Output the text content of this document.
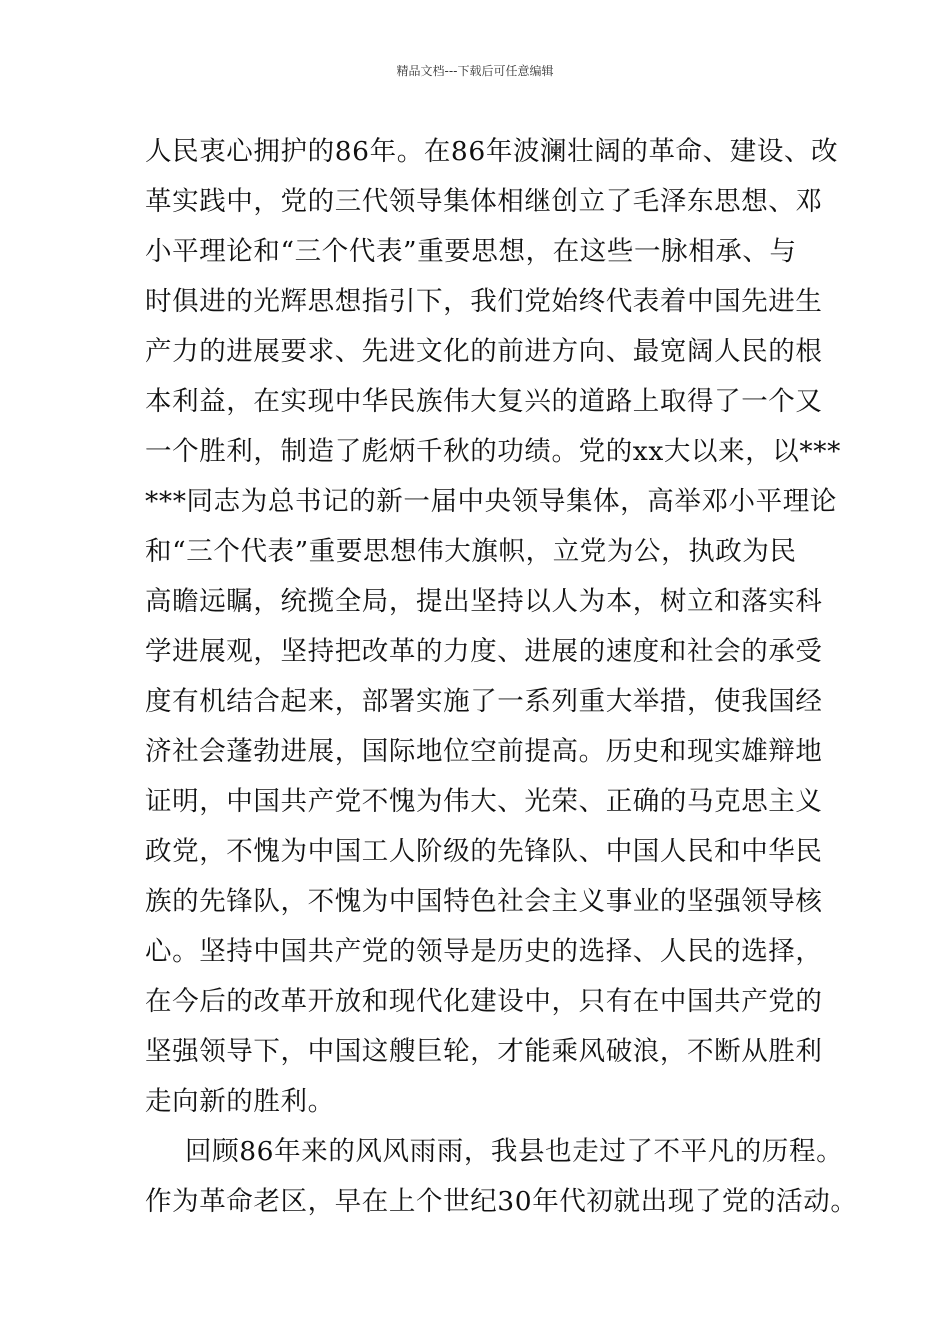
精品文档---下载后可任意编辑
人民衷心拥护的86年。在86年波澜壮阔的革命、建设、改
革实践中，党的三代领导集体相继创立了毛泽东思想、邓
小平理论和“三个代表”重要思想，在这些一脉相承、与
时俱进的光辉思想指引下，我们党始终代表着中国先进生
产力的进展要求、先进文化的前进方向、最宽阔人民的根
本利益，在实现中华民族伟大复兴的道路上取得了一个又
一个胜利，制造了彪炳千秋的功绩。党的xx大以来，以***
***同志为总书记的新一届中央领导集体，高举邓小平理论
和“三个代表”重要思想伟大旗帜，立党为公，执政为民
高瞻远瞩，统揽全局，提出坚持以人为本，树立和落实科
学进展观，坚持把改革的力度、进展的速度和社会的承受
度有机结合起来，部署实施了一系列重大举措，使我国经
济社会蓬勃进展，国际地位空前提高。历史和现实雄辩地
证明，中国共产党不愧为伟大、光荣、正确的马克思主义
政党，不愧为中国工人阶级的先锋队、中国人民和中华民
族的先锋队，不愧为中国特色社会主义事业的坚强领导核
心。坚持中国共产党的领导是历史的选择、人民的选择，
在今后的改革开放和现代化建设中，只有在中国共产党的
坚强领导下，中国这艘巨轮，才能乘风破浪，不断从胜利
走向新的胜利。
回顾86年来的风风雨雨，我县也走过了不平凡的历程。
作为革命老区，早在上个世纪30年代初就出现了党的活动。
